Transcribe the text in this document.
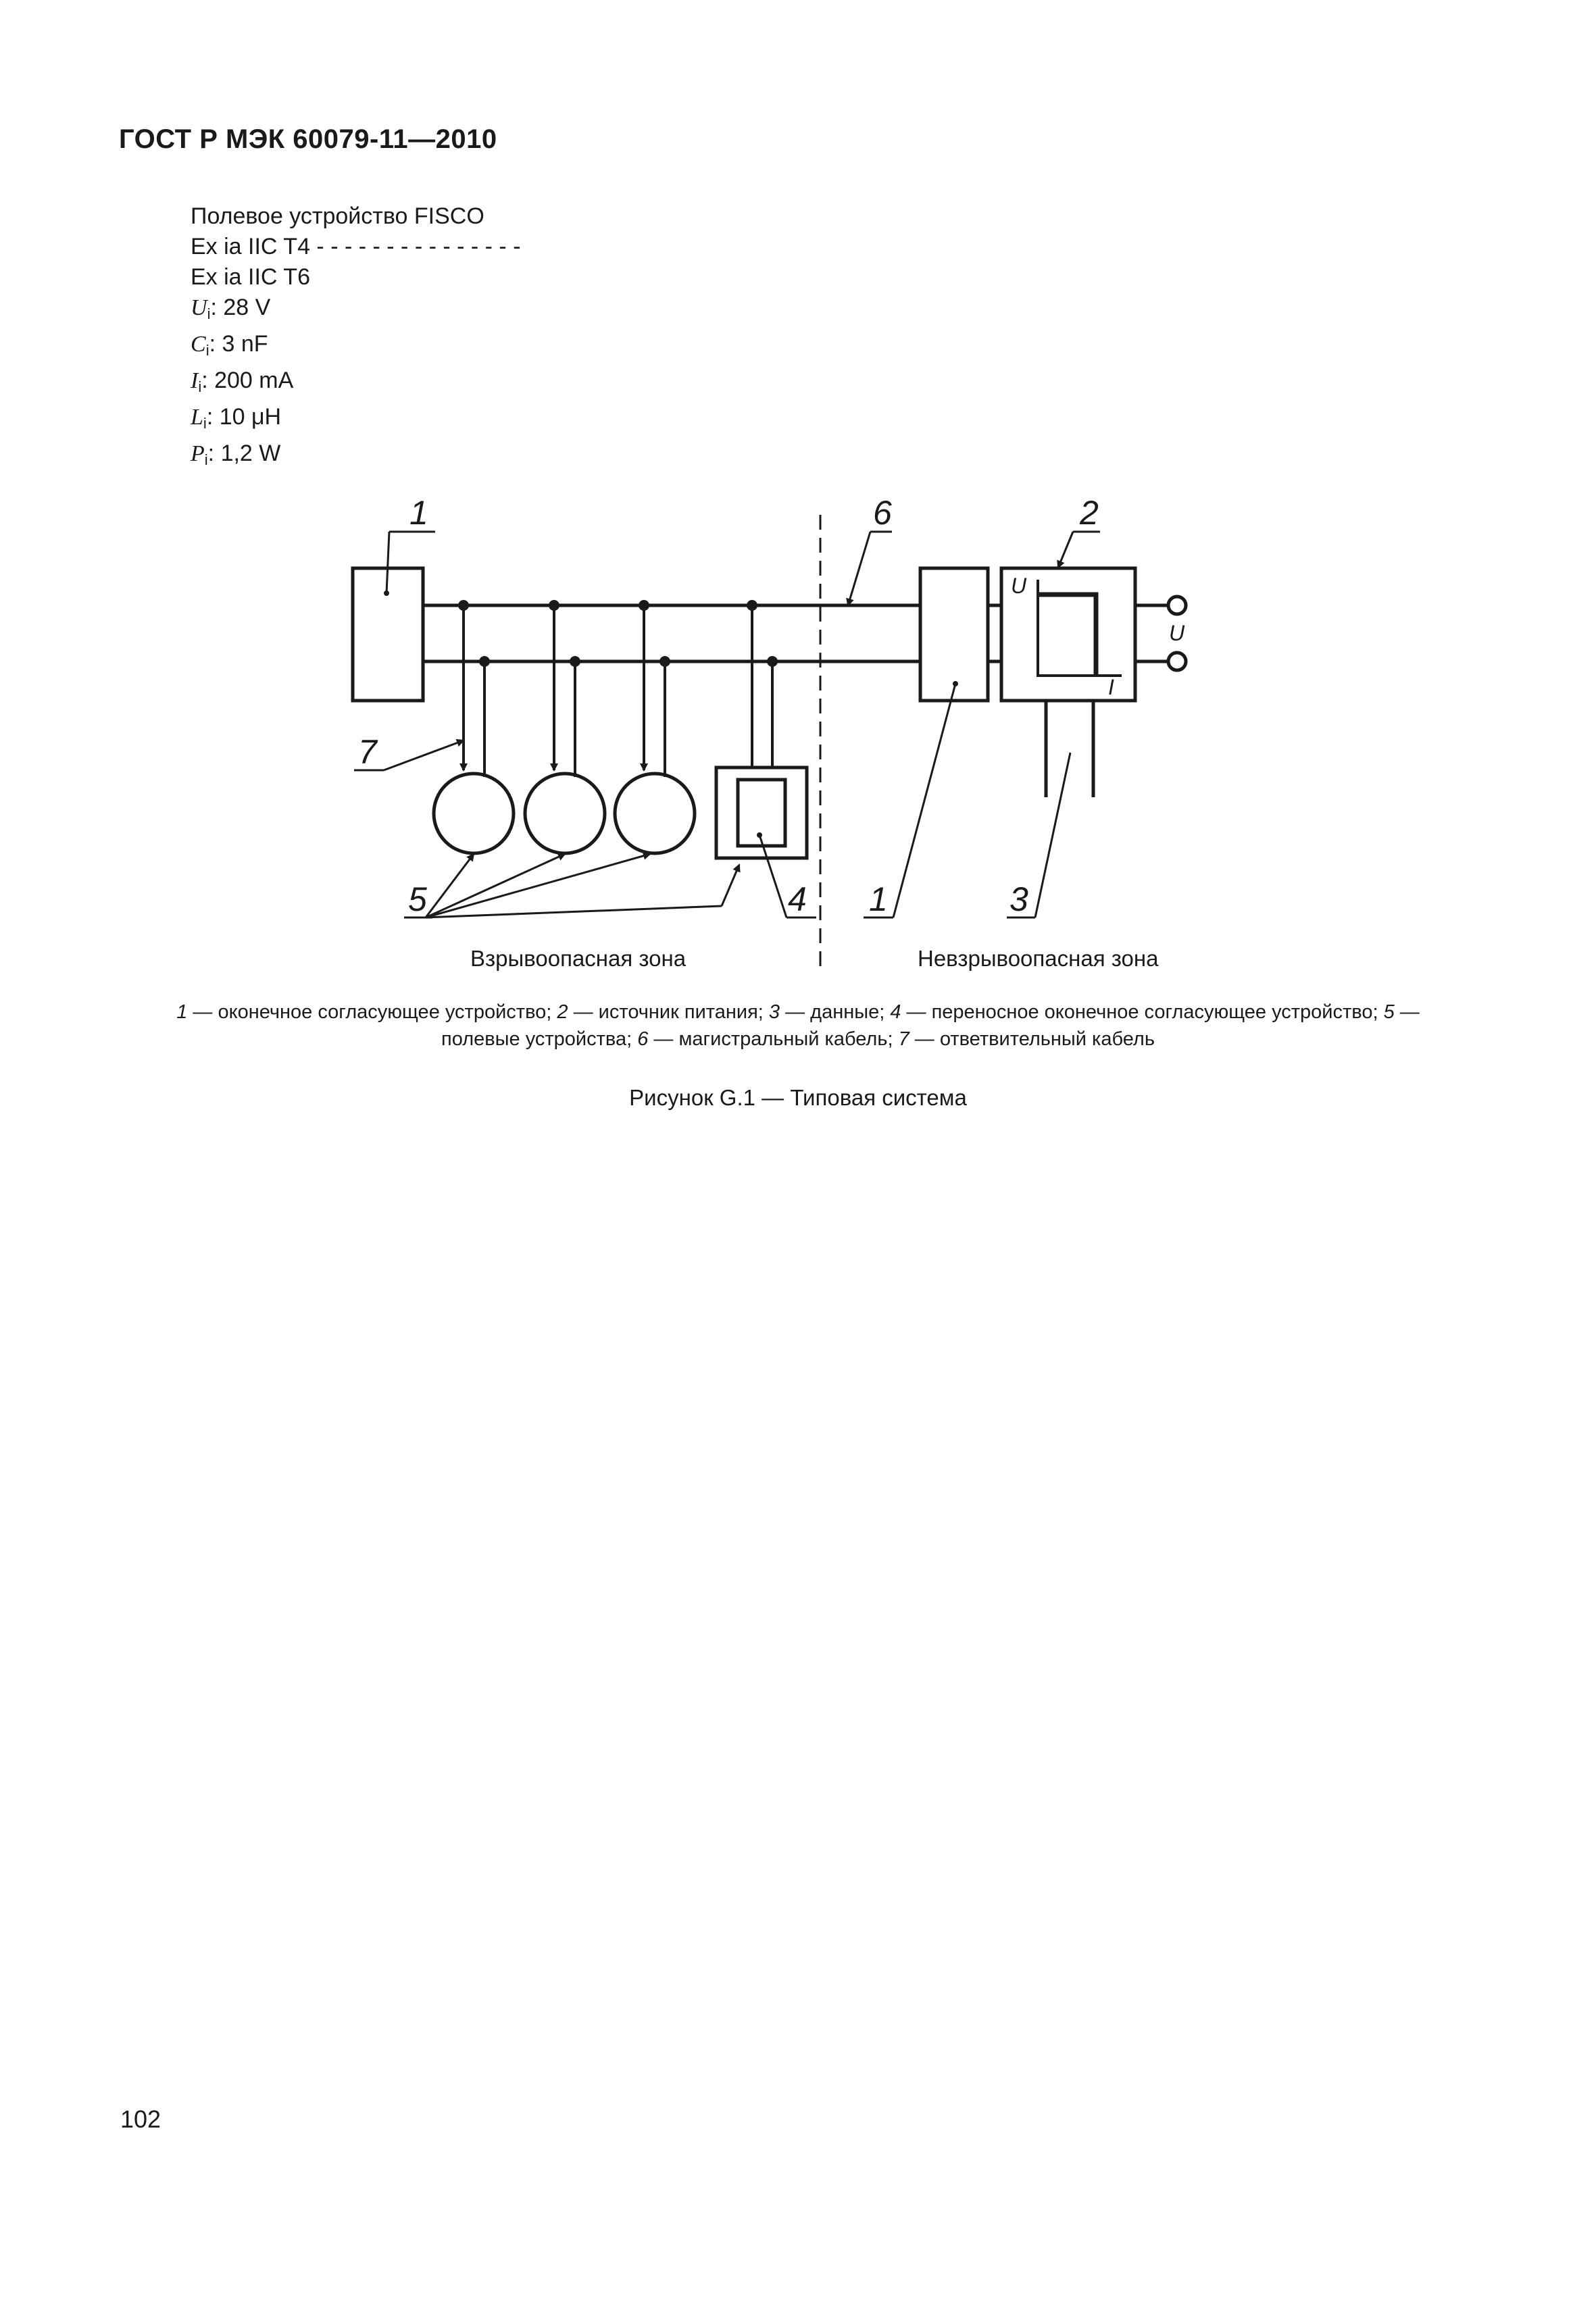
ГОСТ Р МЭК 60079-11—2010
Полевое устройство FISCO
Ex ia IIC T4 - - - - - - - - - - - - - - -
Ex ia IIC T6
$U_i$: 28 V
$C_i$: 3 nF
$I_i$: 200 mA
$L_i$: 10 μH
$P_i$: 1,2 W
1	6	2
7
5	4 1	3
U
I
U
Взрывоопасная зона	Невзрывоопасная зона
1 — оконечное согласующее устройство; 2 — источник питания; 3 — данные; 4 — переносное оконечное согласующее устройство; 5 — полевые устройства; 6 — магистральный кабель; 7 — ответвительный кабель
Рисунок G.1 — Типовая система
102
